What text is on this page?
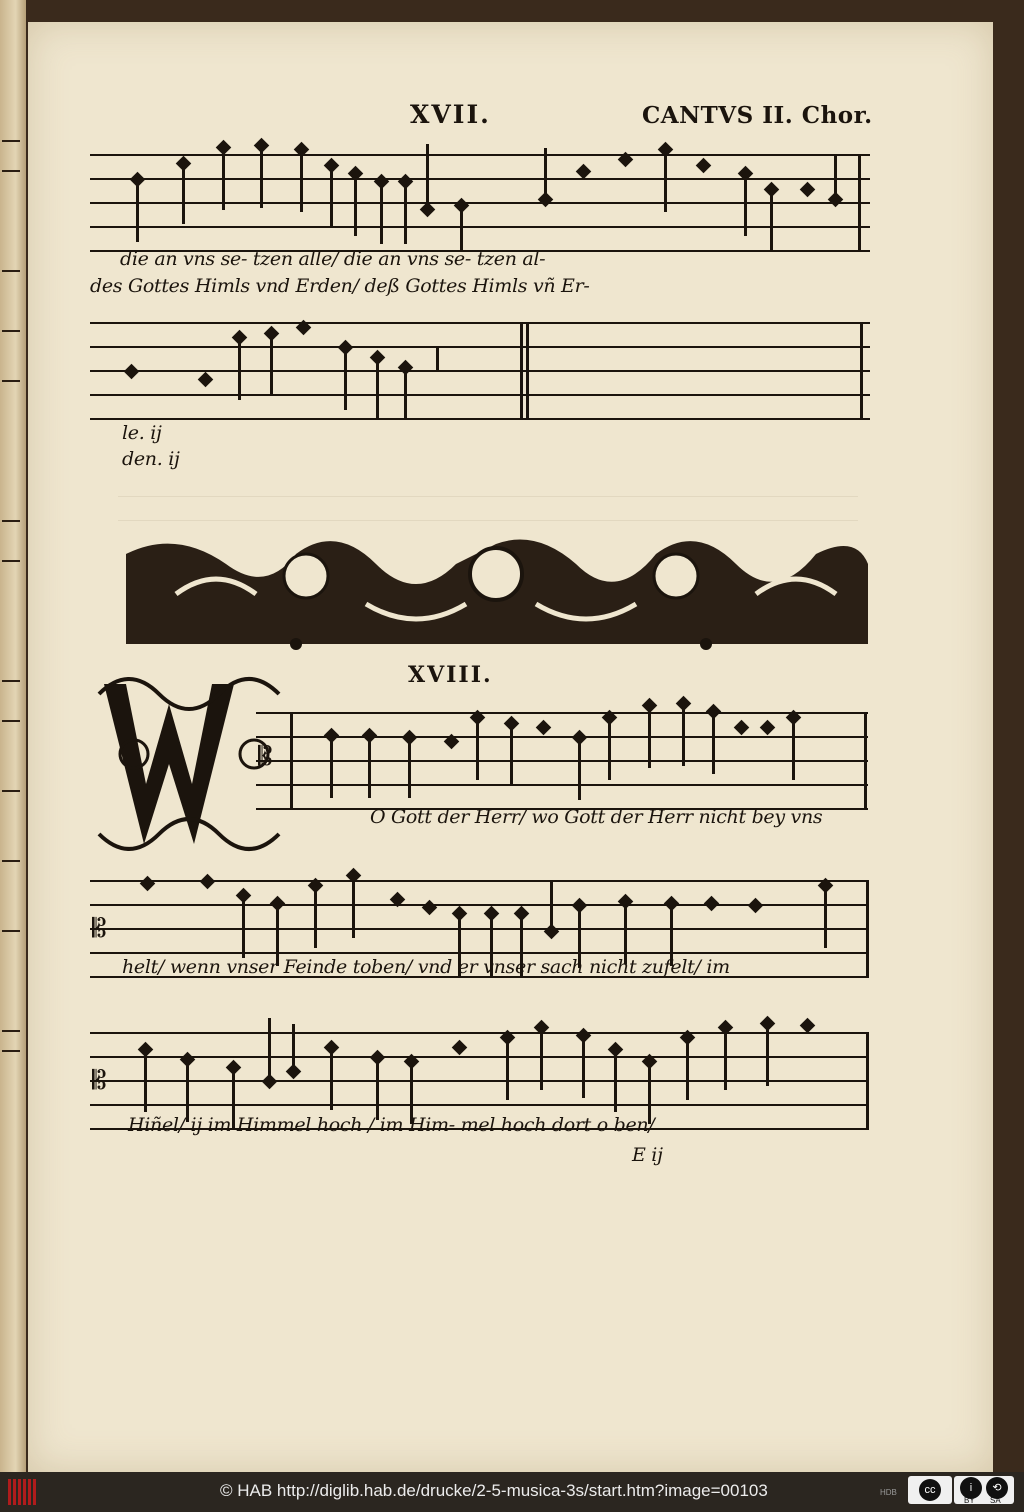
XVII.	CANTVS II. Chor.
die an vns se- tzen alle/ die an vns se- tzen al-
des Gottes Himls vnd Erden/ deß Gottes Himls vñ Er-
le. ij
den. ij
XVIII.
𝄡
O Gott der Herr/ wo Gott der Herr nicht bey vns
𝄡
helt/ wenn vnser Feinde toben/ vnd er vnser sach nicht zufelt/ im
𝄡
Hiñel/ ij im Himmel hoch / im Him- mel hoch dort o ben/
E ij
© HAB http://diglib.hab.de/drucke/2-5-musica-3s/start.htm?image=00103	HDB	cc	i	⟲
BY SA
